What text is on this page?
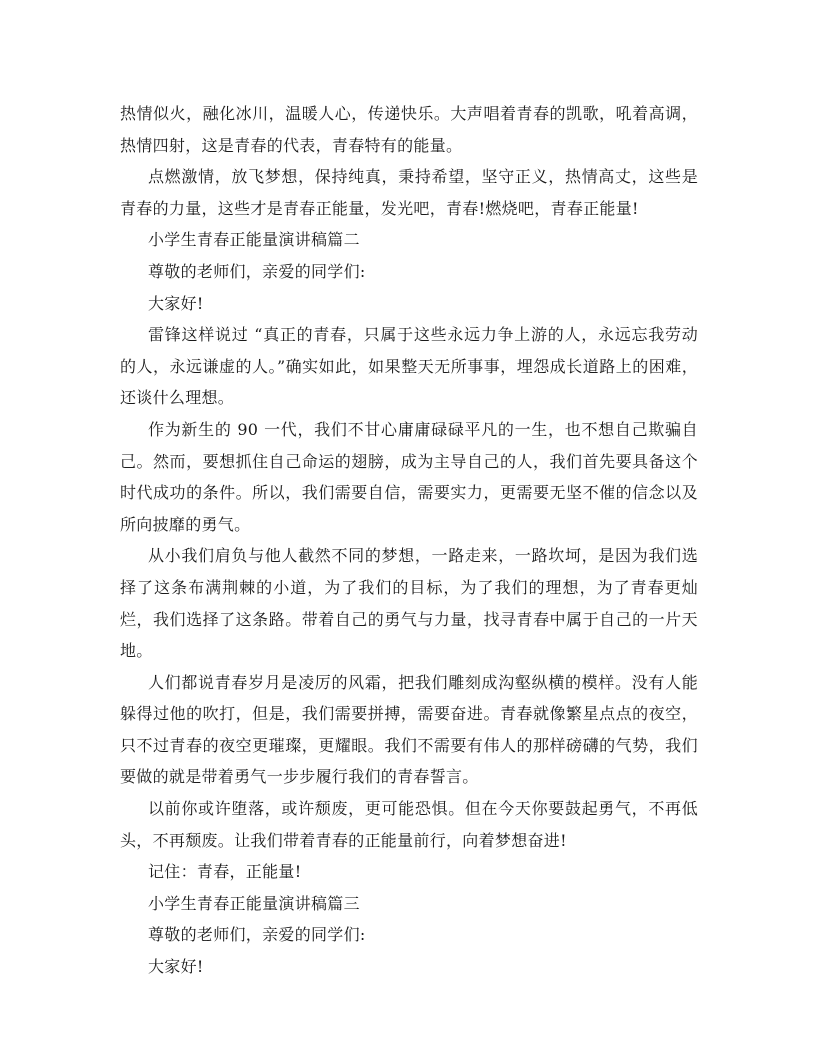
热情似火，融化冰川，温暖人心，传递快乐。大声唱着青春的凯歌，吼着高调，热情四射，这是青春的代表，青春特有的能量。

点燃激情，放飞梦想，保持纯真，秉持希望，坚守正义，热情高丈，这些是青春的力量，这些才是青春正能量，发光吧，青春!燃烧吧，青春正能量!

小学生青春正能量演讲稿篇二

尊敬的老师们，亲爱的同学们:

大家好!

雷锋这样说过 “真正的青春，只属于这些永远力争上游的人，永远忘我劳动的人，永远谦虚的人。”确实如此，如果整天无所事事，埋怨成长道路上的困难，还谈什么理想。

作为新生的 90 一代，我们不甘心庸庸碌碌平凡的一生，也不想自己欺骗自己。然而，要想抓住自己命运的翅膀，成为主导自己的人，我们首先要具备这个时代成功的条件。所以，我们需要自信，需要实力，更需要无坚不催的信念以及所向披靡的勇气。

从小我们肩负与他人截然不同的梦想，一路走来，一路坎坷，是因为我们选择了这条布满荆棘的小道，为了我们的目标，为了我们的理想，为了青春更灿烂，我们选择了这条路。带着自己的勇气与力量，找寻青春中属于自己的一片天地。

人们都说青春岁月是凌厉的风霜，把我们雕刻成沟壑纵横的模样。没有人能躲得过他的吹打，但是，我们需要拼搏，需要奋进。青春就像繁星点点的夜空，只不过青春的夜空更璀璨，更耀眼。我们不需要有伟人的那样磅礴的气势，我们要做的就是带着勇气一步步履行我们的青春誓言。

以前你或许堕落，或许颓废，更可能恐惧。但在今天你要鼓起勇气，不再低头，不再颓废。让我们带着青春的正能量前行，向着梦想奋进!

记住：青春，正能量!

小学生青春正能量演讲稿篇三

尊敬的老师们，亲爱的同学们:

大家好!
